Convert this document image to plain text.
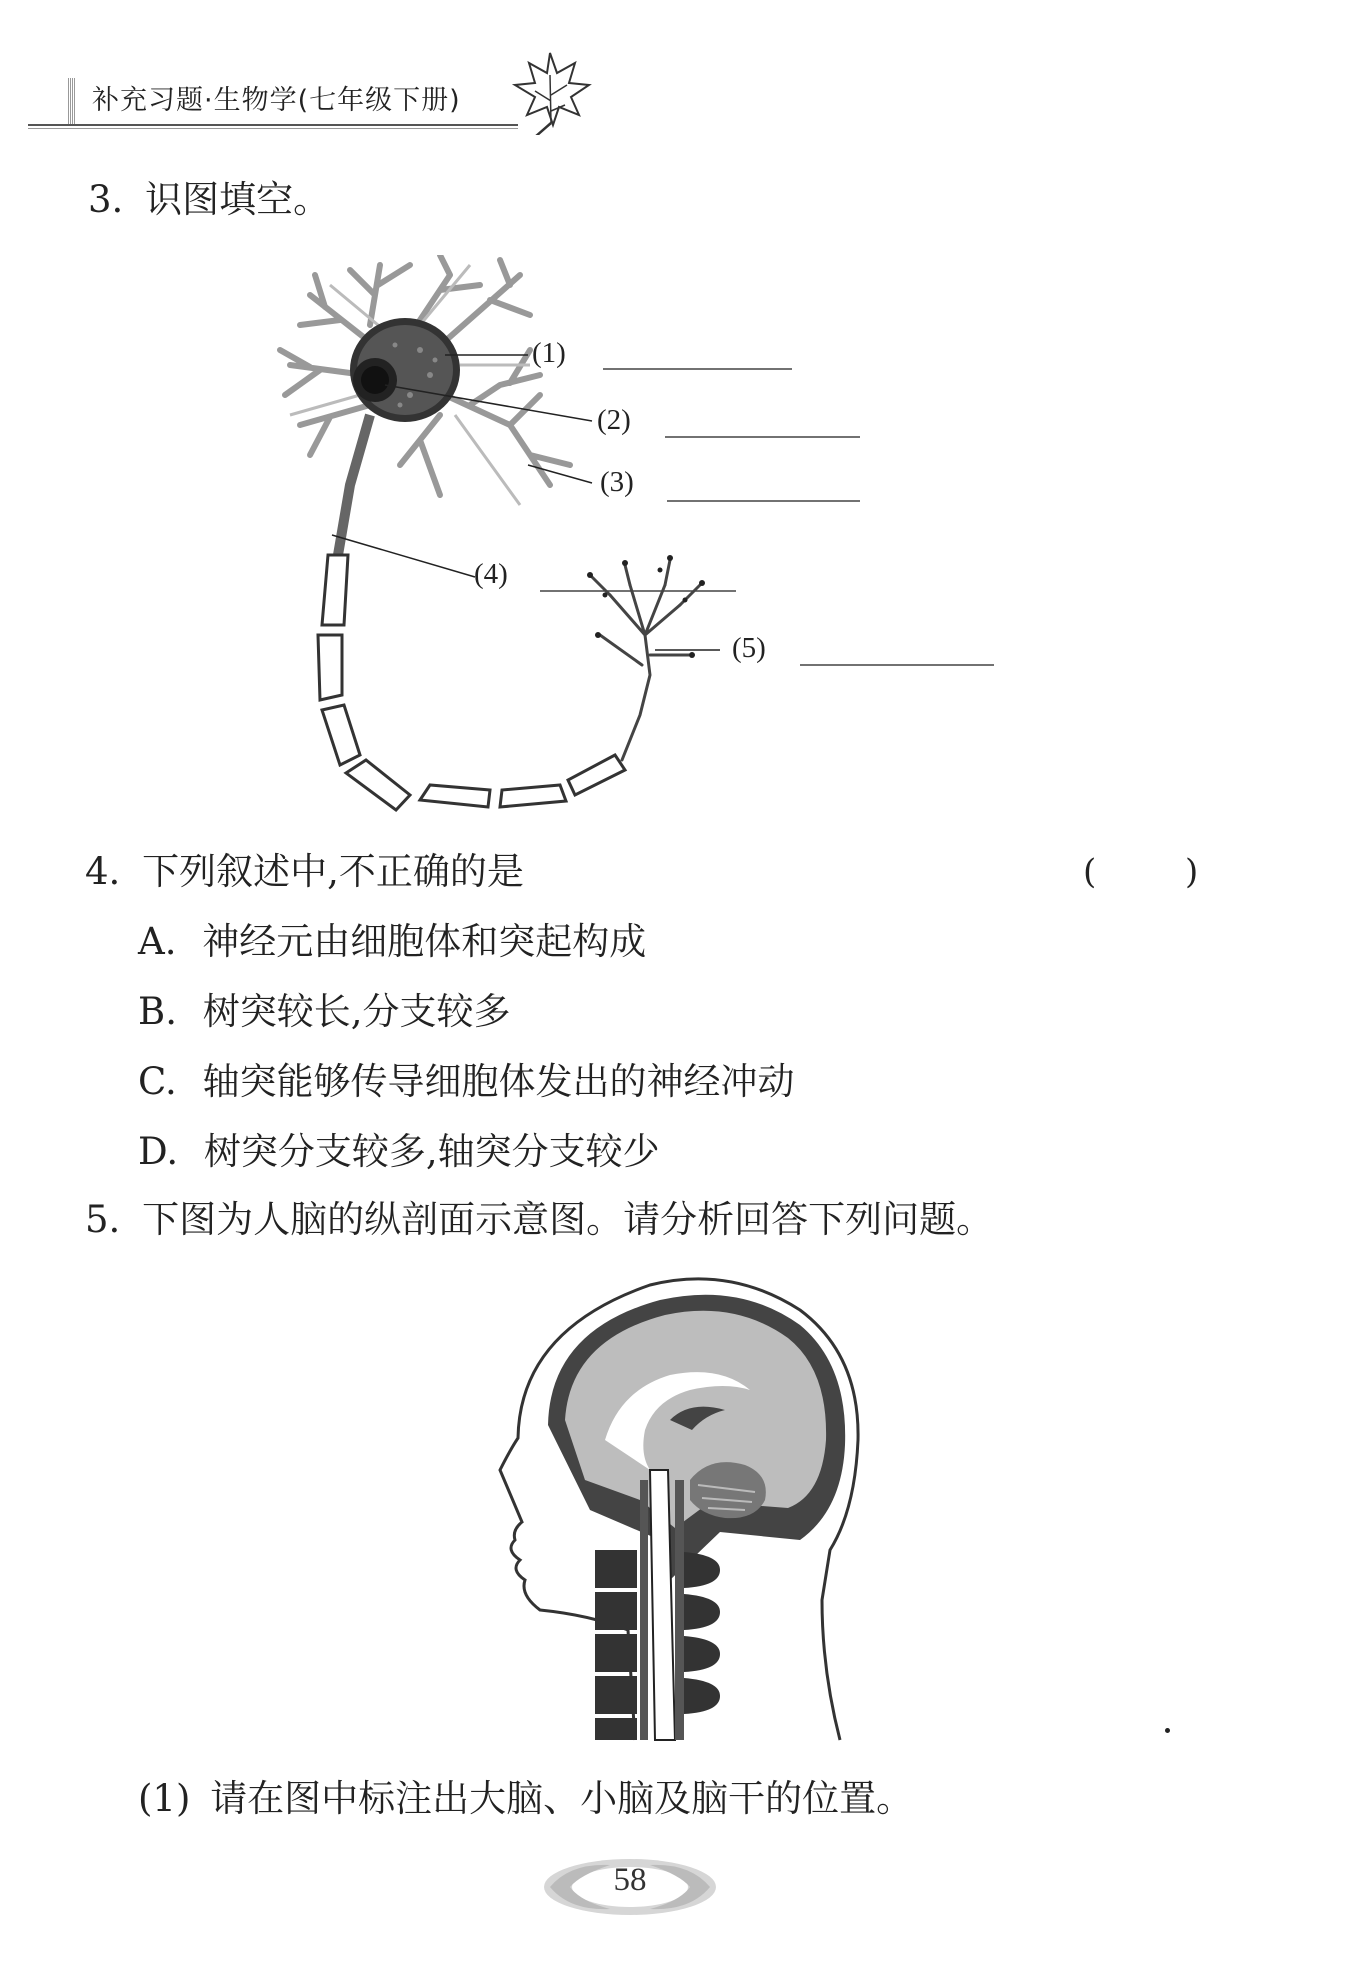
补充习题·生物学(七年级下册)
3. 识图填空。
(1)
(2)
(3)
(4)
(5)
4. 下列叙述中,不正确的是	(	)
A. 神经元由细胞体和突起构成
B. 树突较长,分支较多
C. 轴突能够传导细胞体发出的神经冲动
D. 树突分支较多,轴突分支较少
5. 下图为人脑的纵剖面示意图。请分析回答下列问题。
(1) 请在图中标注出大脑、小脑及脑干的位置。
58
